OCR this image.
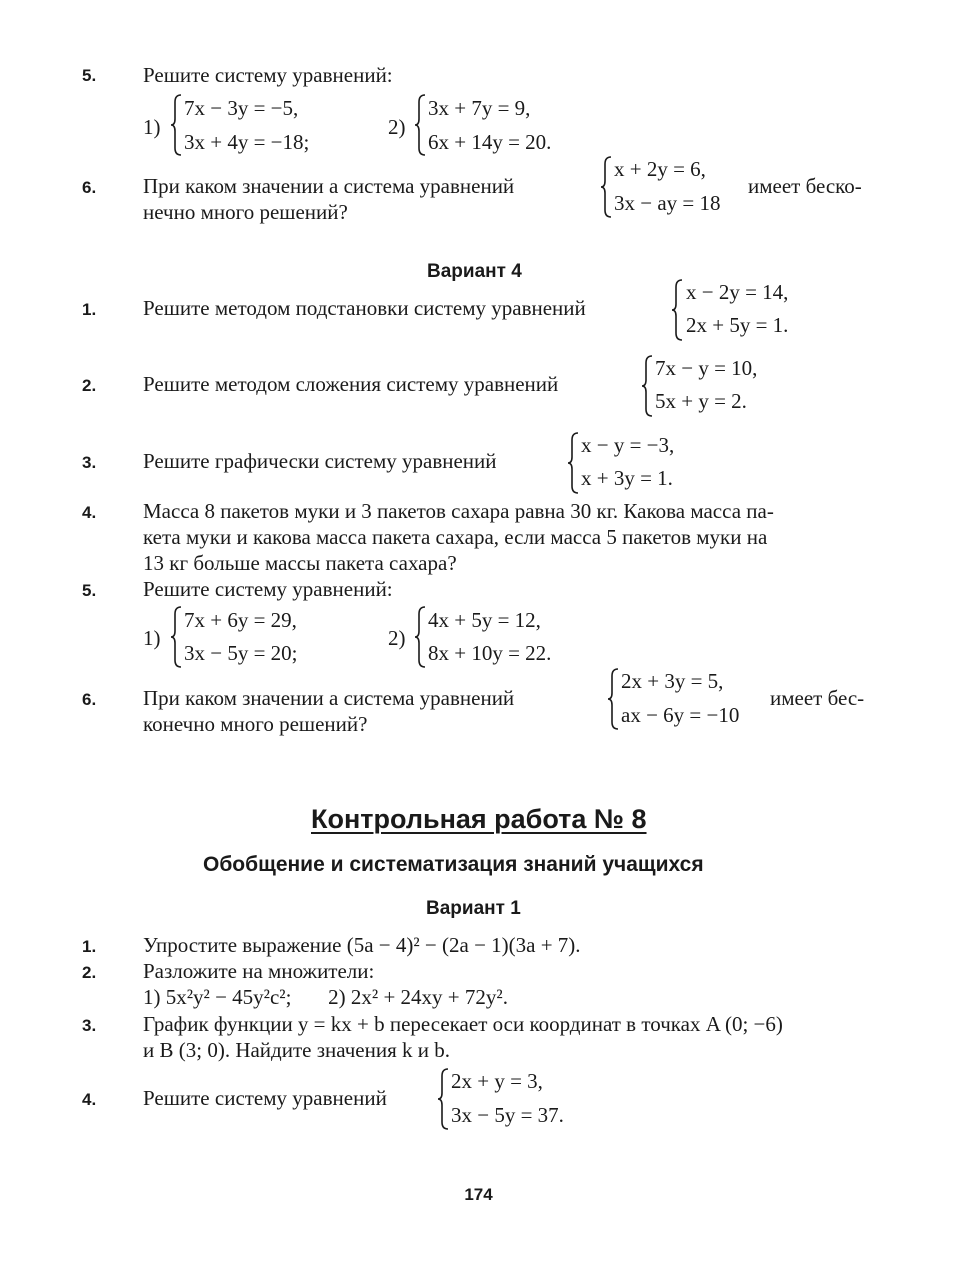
5. Решите систему уравнений:
1)
7x − 3y = −5,
3x + 4y = −18;
2)
3x + 7y = 9,
6x + 14y = 20.
6. При каком значении a система уравнений
x + 2y = 6,
3x − ay = 18
имеет беско-
нечно много решений?
Вариант 4
1. Решите методом подстановки систему уравнений
x − 2y = 14,
2x + 5y = 1.
2. Решите методом сложения систему уравнений
7x − y = 10,
5x + y = 2.
3. Решите графически систему уравнений
x − y = −3,
x + 3y = 1.
4. Масса 8 пакетов муки и 3 пакетов сахара равна 30 кг. Какова масса па-
кета муки и какова масса пакета сахара, если масса 5 пакетов муки на
13 кг больше массы пакета сахара?
5. Решите систему уравнений:
1)
7x + 6y = 29,
3x − 5y = 20;
2)
4x + 5y = 12,
8x + 10y = 22.
6. При каком значении a система уравнений
2x + 3y = 5,
ax − 6y = −10
имеет бес-
конечно много решений?
Контрольная работа № 8
Обобщение и систематизация знаний учащихся
Вариант 1
1. Упростите выражение (5a − 4)² − (2a − 1)(3a + 7).
2. Разложите на множители:
1) 5x²y² − 45y²c²;       2) 2x² + 24xy + 72y².
3. График функции y = kx + b пересекает оси координат в точках A (0; −6)
и B (3; 0). Найдите значения k и b.
4. Решите систему уравнений
2x + y = 3,
3x − 5y = 37.
174
